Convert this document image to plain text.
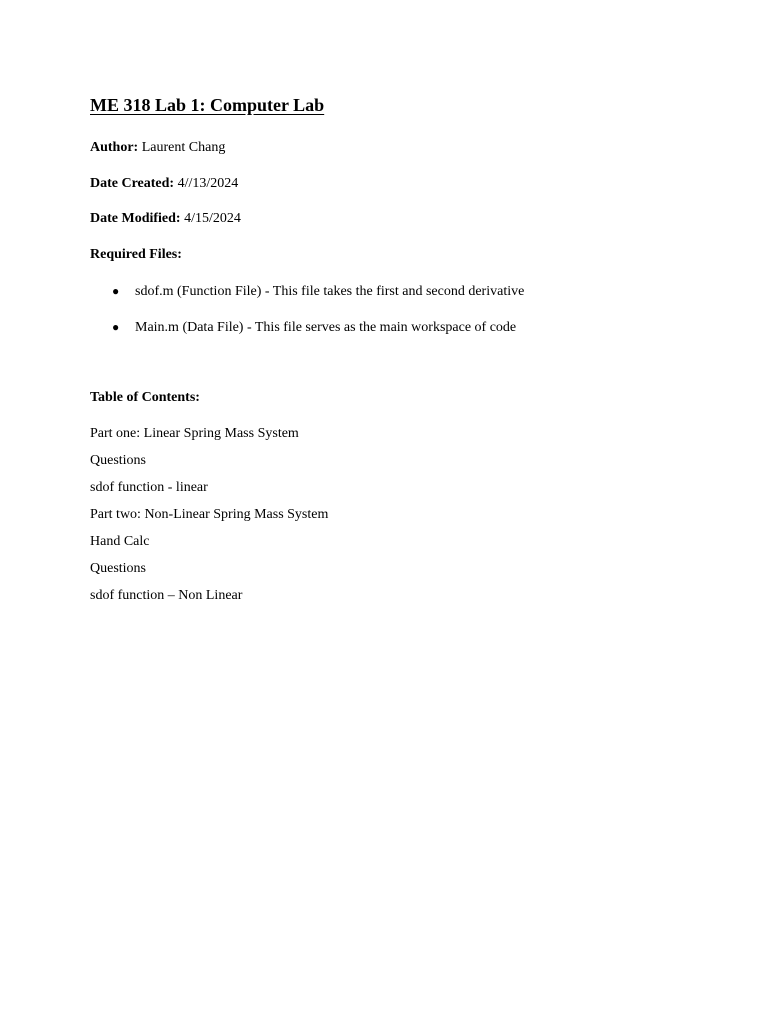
ME 318 Lab 1: Computer Lab

Author: Laurent Chang

Date Created: 4//13/2024

Date Modified: 4/15/2024

Required Files:

● sdof.m (Function File) - This file takes the first and second derivative
● Main.m (Data File) - This file serves as the main workspace of code

Table of Contents:

Part one: Linear Spring Mass System
Questions
sdof function - linear
Part two: Non-Linear Spring Mass System
Hand Calc
Questions
sdof function – Non Linear
